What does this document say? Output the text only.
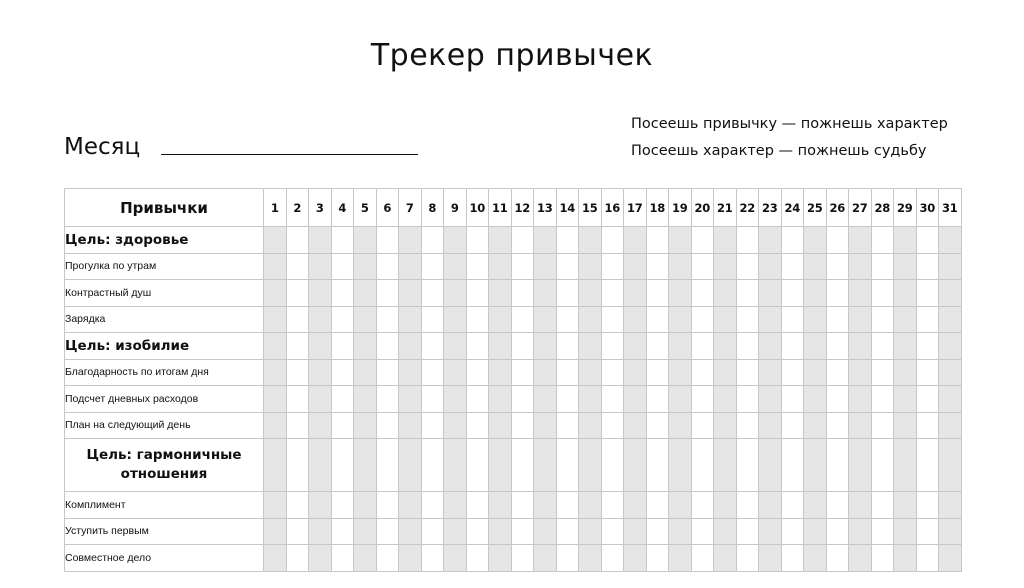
Трекер привычек
Месяц
Посеешь привычку — пожнешь характер
Посеешь характер — пожнешь судьбу
Привычки	1	2	3	4	5	6	7	8	9	10	11	12	13	14	15	16	17	18	19	20	21	22	23	24	25	26	27	28	29	30	31
Цель: здоровье																															
Прогулка по утрам																															
Контрастный душ																															
Зарядка																															
Цель: изобилие																															
Благодарность по итогам дня																															
Подсчет дневных расходов																															
План на следующий день																															
Цель: гармоничные отношения																															
Комплимент																															
Уступить первым																															
Совместное дело																															
